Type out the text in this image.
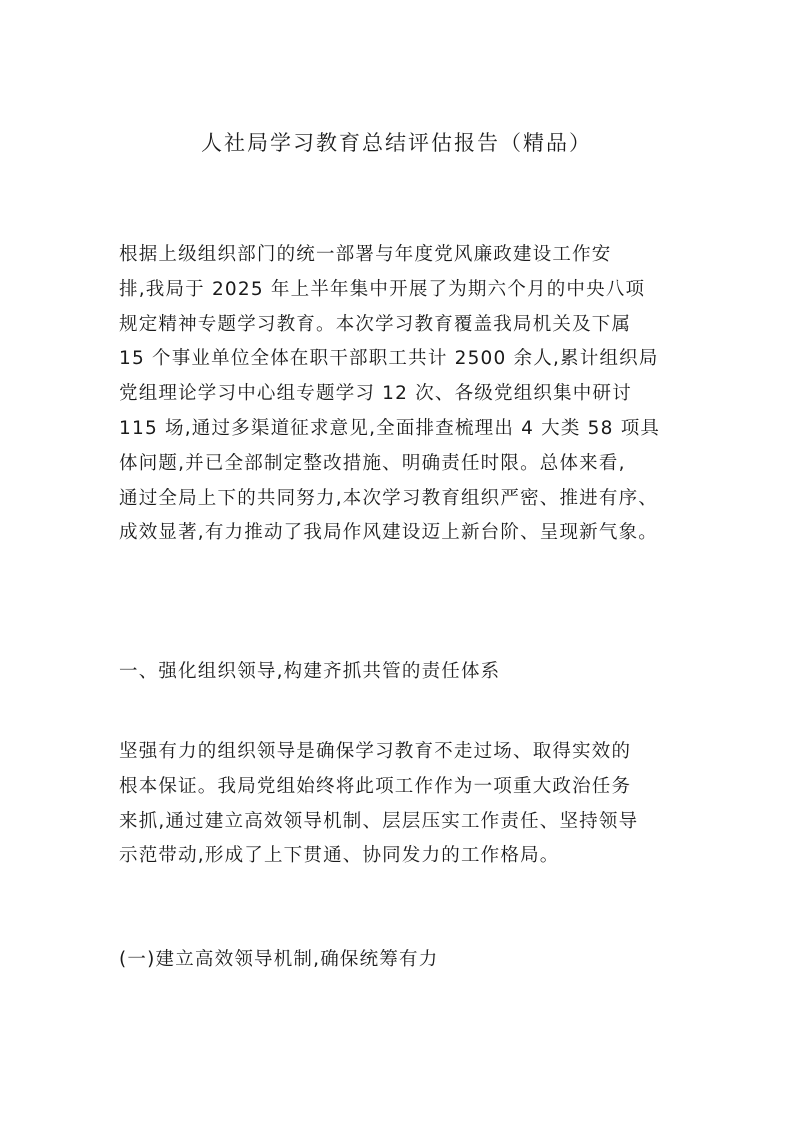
人社局学习教育总结评估报告（精品）
根据上级组织部门的统一部署与年度党风廉政建设工作安
排,我局于 2025 年上半年集中开展了为期六个月的中央八项
规定精神专题学习教育。本次学习教育覆盖我局机关及下属
15 个事业单位全体在职干部职工共计 2500 余人,累计组织局
党组理论学习中心组专题学习 12 次、各级党组织集中研讨
115 场,通过多渠道征求意见,全面排查梳理出 4 大类 58 项具
体问题,并已全部制定整改措施、明确责任时限。总体来看,
通过全局上下的共同努力,本次学习教育组织严密、推进有序、
成效显著,有力推动了我局作风建设迈上新台阶、呈现新气象。
一、强化组织领导,构建齐抓共管的责任体系
坚强有力的组织领导是确保学习教育不走过场、取得实效的
根本保证。我局党组始终将此项工作作为一项重大政治任务
来抓,通过建立高效领导机制、层层压实工作责任、坚持领导
示范带动,形成了上下贯通、协同发力的工作格局。
(一)建立高效领导机制,确保统筹有力
